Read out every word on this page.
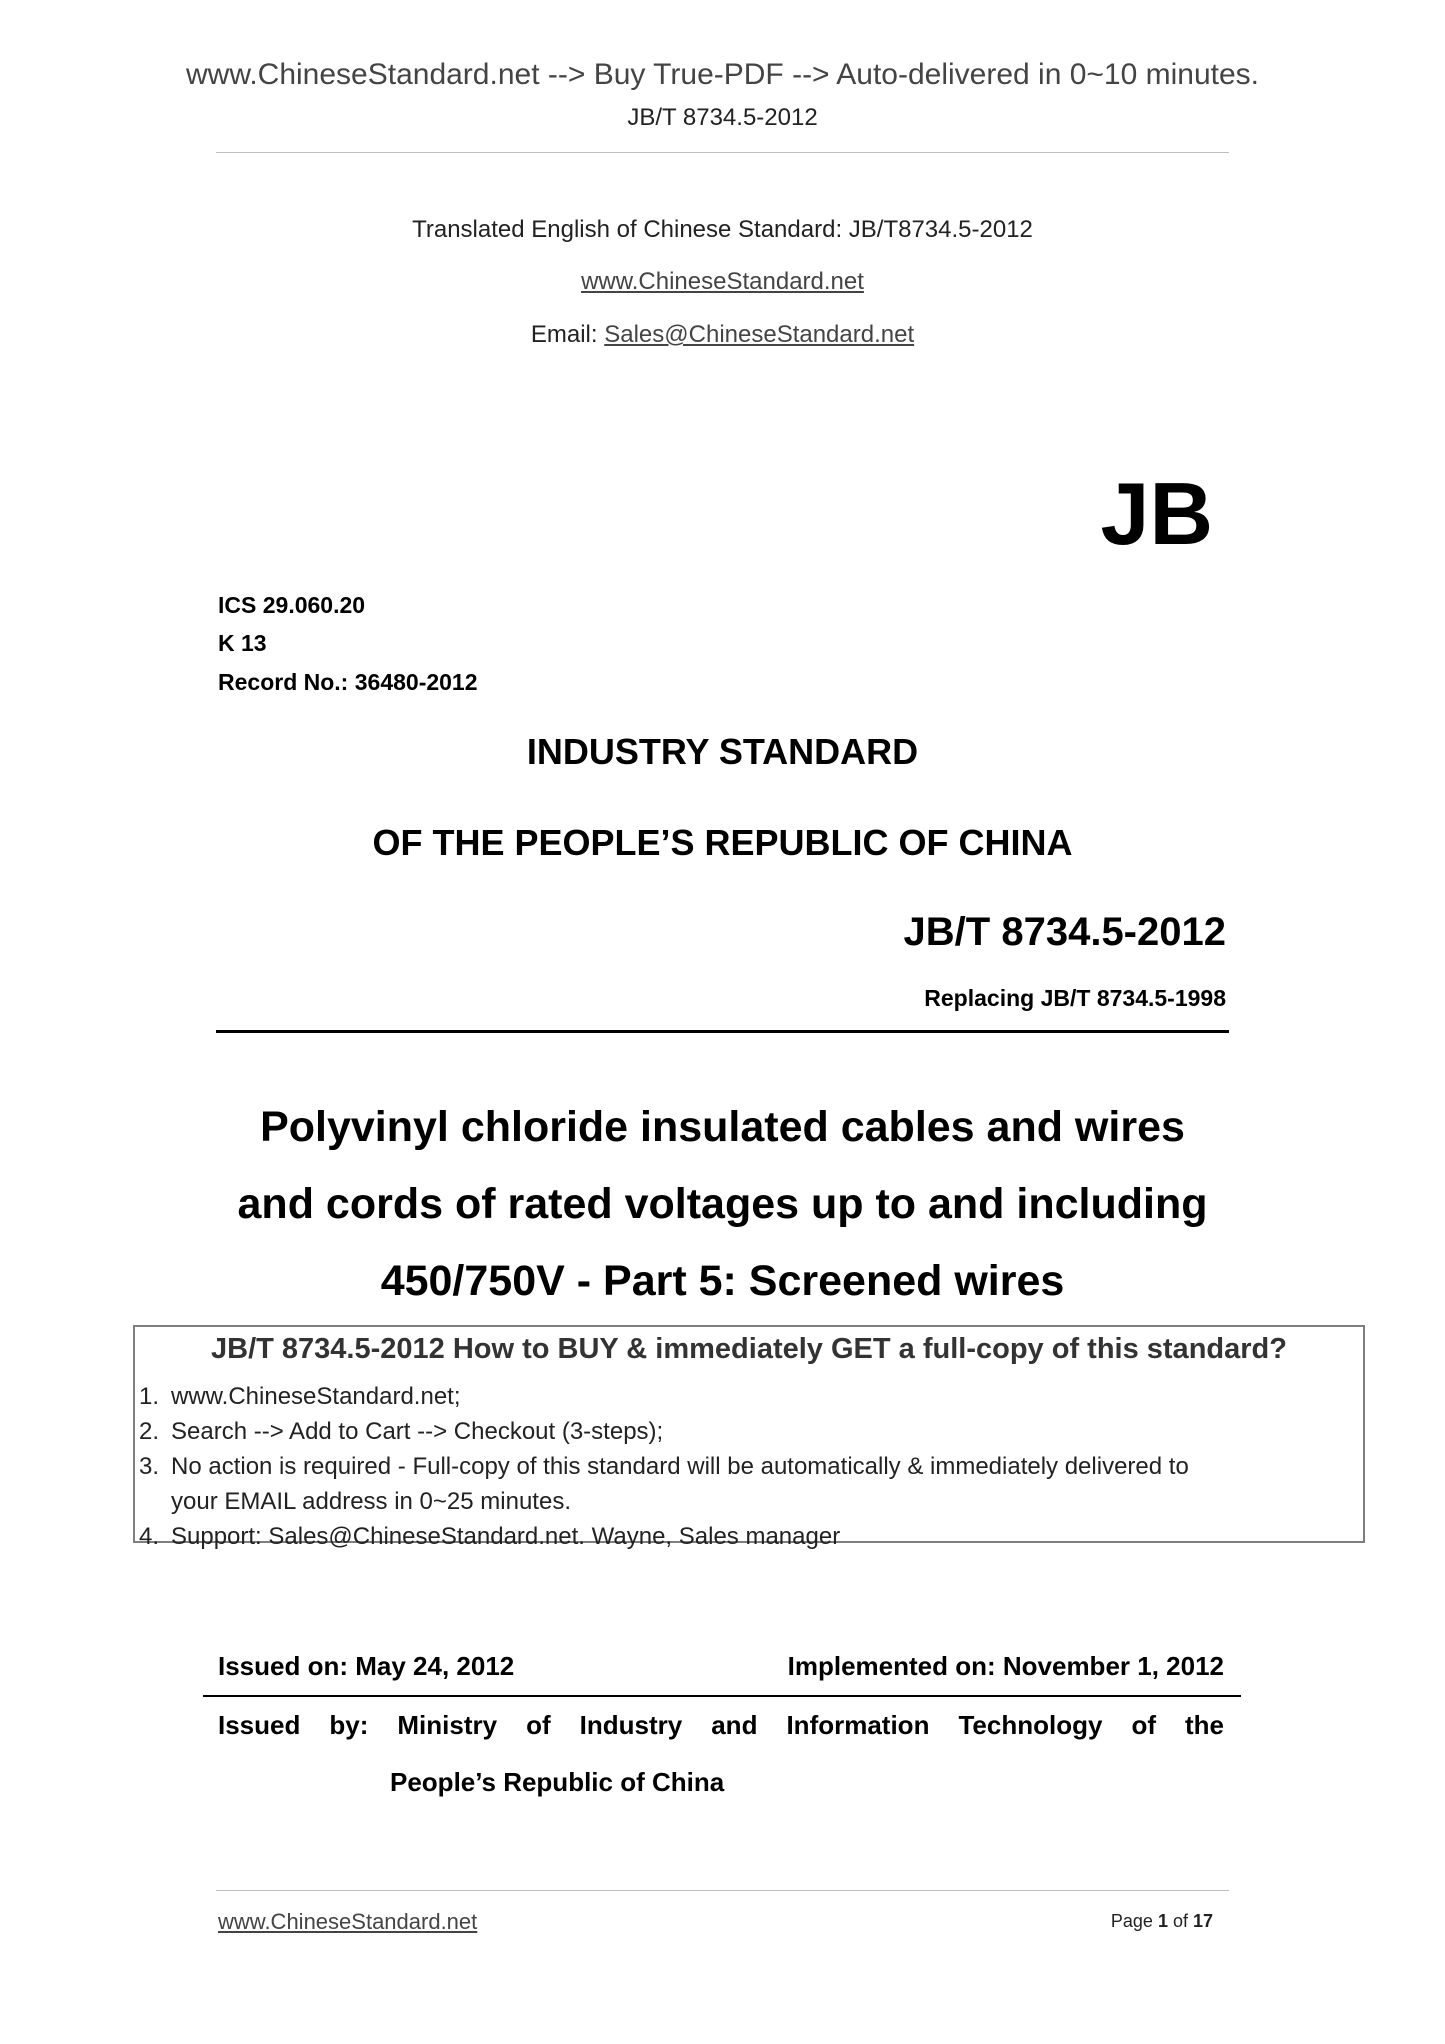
www.ChineseStandard.net --> Buy True-PDF --> Auto-delivered in 0~10 minutes.
JB/T 8734.5-2012
Translated English of Chinese Standard: JB/T8734.5-2012
www.ChineseStandard.net
Email: Sales@ChineseStandard.net
JB
ICS 29.060.20
K 13
Record No.: 36480-2012
INDUSTRY STANDARD
OF THE PEOPLE’S REPUBLIC OF CHINA
JB/T 8734.5-2012
Replacing JB/T 8734.5-1998
Polyvinyl chloride insulated cables and wires
and cords of rated voltages up to and including
450/750V - Part 5: Screened wires
JB/T 8734.5-2012 How to BUY & immediately GET a full-copy of this standard?
1. www.ChineseStandard.net;
2. Search --> Add to Cart --> Checkout (3-steps);
3. No action is required - Full-copy of this standard will be automatically & immediately delivered to
your EMAIL address in 0~25 minutes.
4. Support: Sales@ChineseStandard.net. Wayne, Sales manager
Issued on: May 24, 2012	Implemented on: November 1, 2012
Issued by: Ministry of Industry and Information Technology of the
People’s Republic of China
www.ChineseStandard.net	Page 1 of 17
